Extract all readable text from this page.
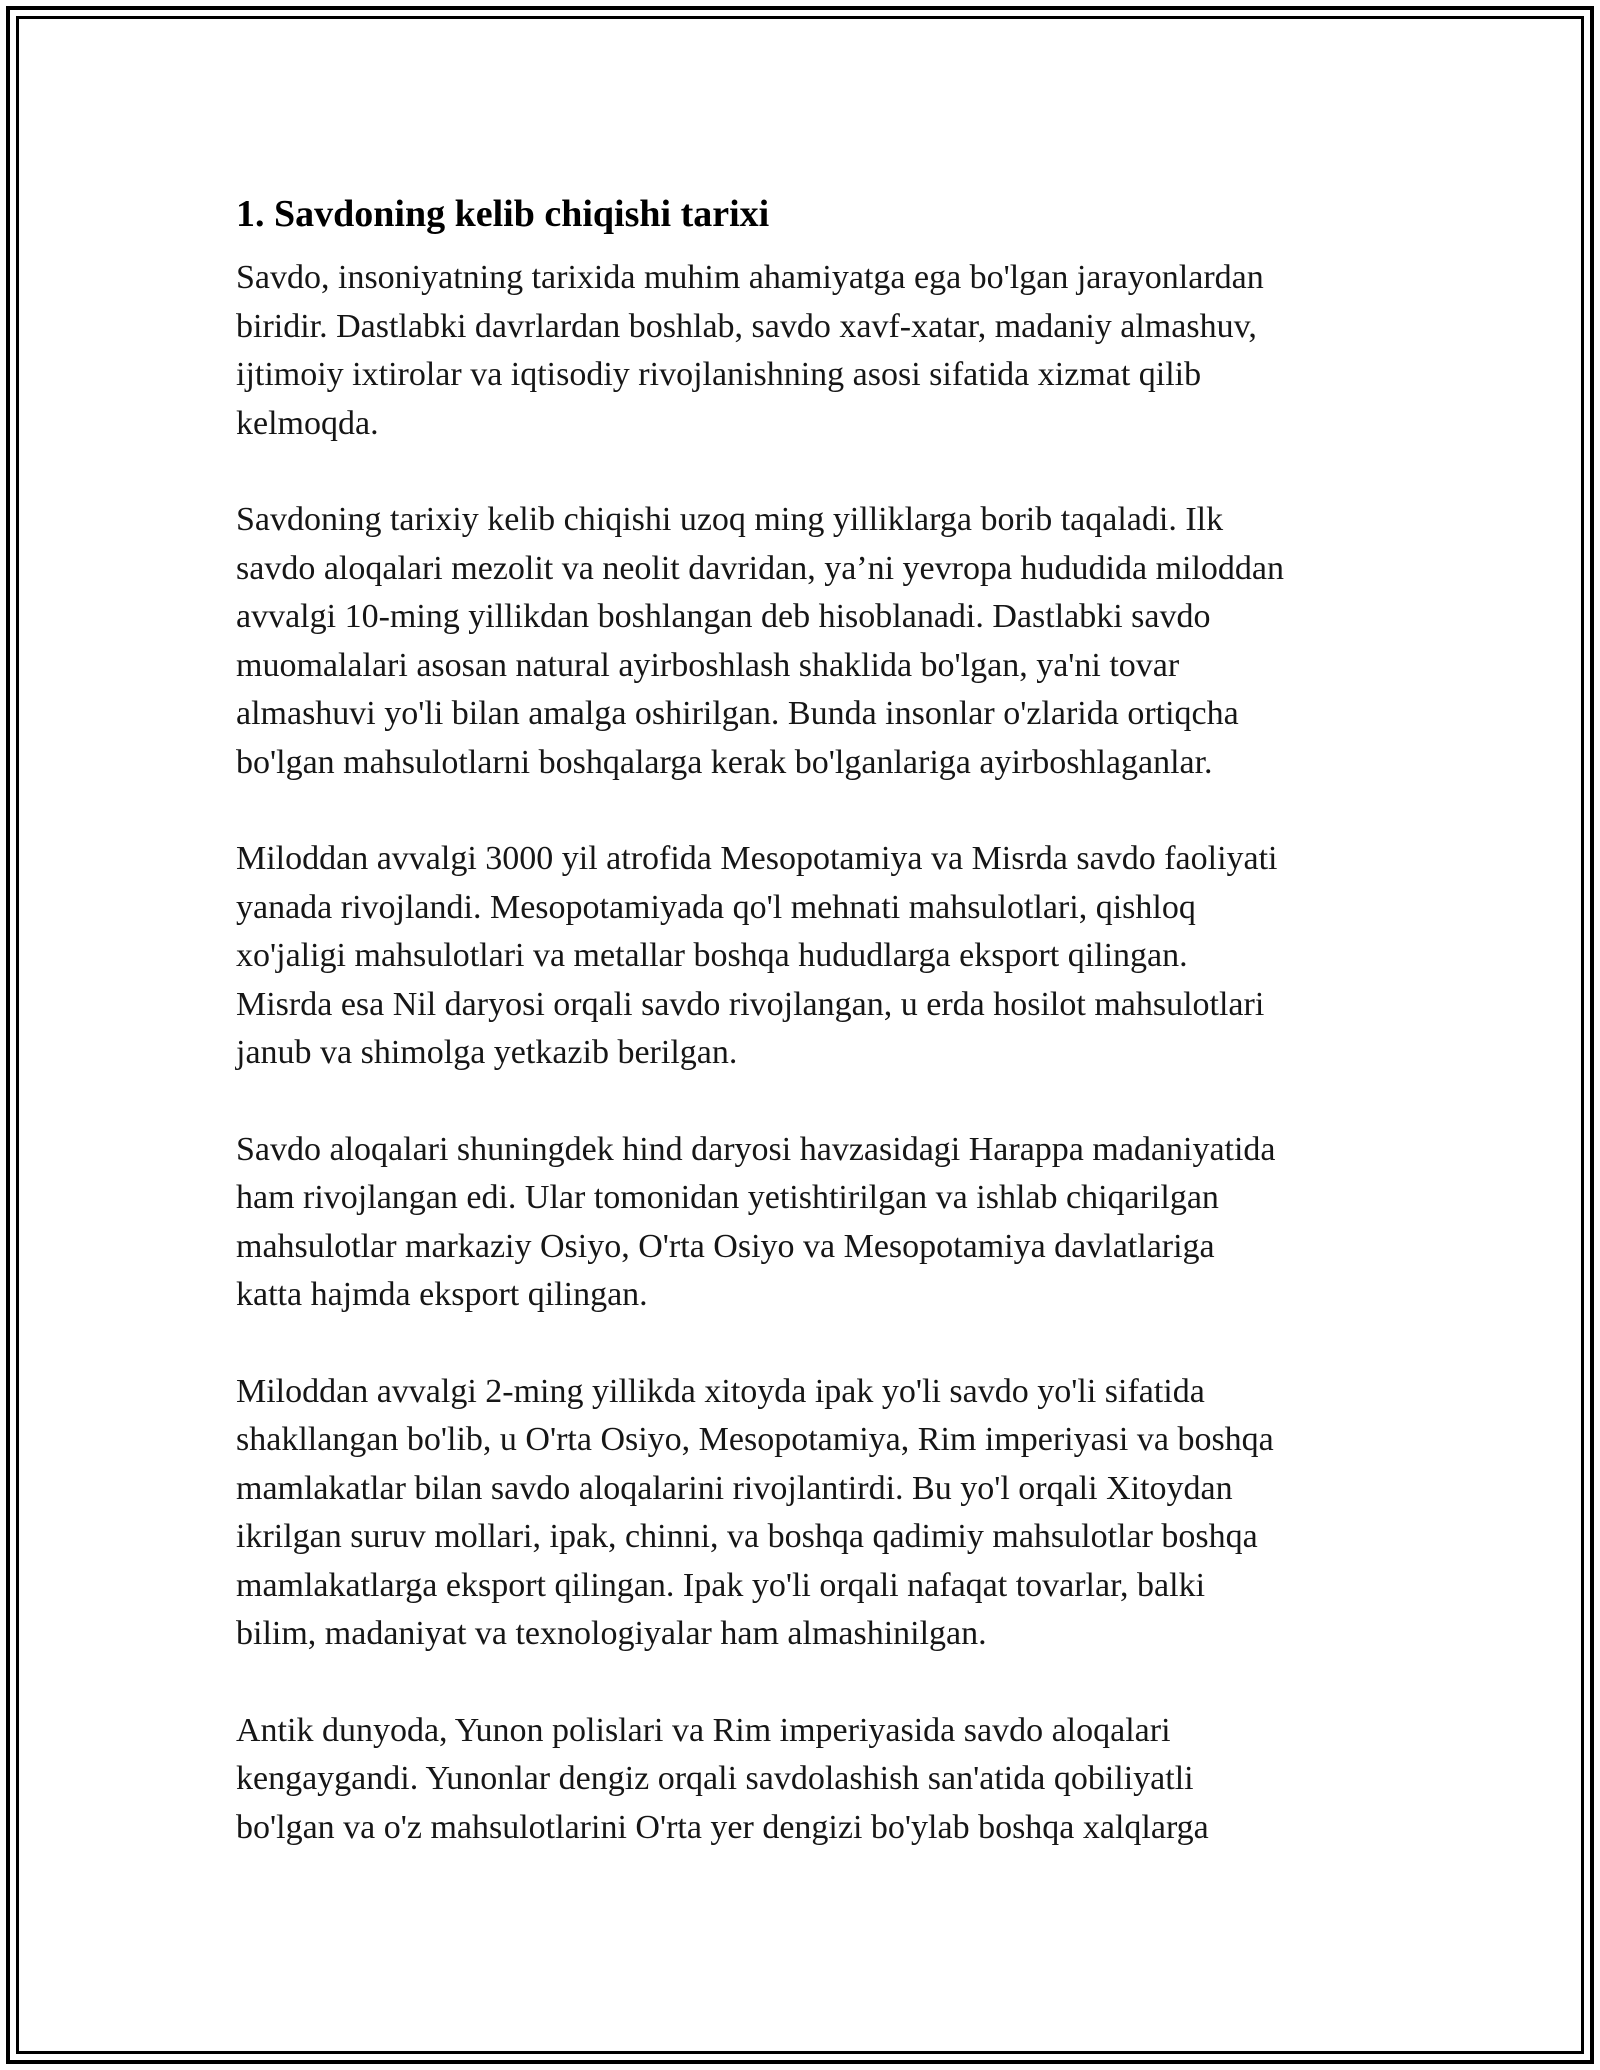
1. Savdoning kelib chiqishi tarixi

Savdo, insoniyatning tarixida muhim ahamiyatga ega bo'lgan jarayonlardan
biridir. Dastlabki davrlardan boshlab, savdo xavf-xatar, madaniy almashuv,
ijtimoiy ixtirolar va iqtisodiy rivojlanishning asosi sifatida xizmat qilib
kelmoqda.

Savdoning tarixiy kelib chiqishi uzoq ming yilliklarga borib taqaladi. Ilk
savdo aloqalari mezolit va neolit davridan, ya’ni yevropa hududida miloddan
avvalgi 10-ming yillikdan boshlangan deb hisoblanadi. Dastlabki savdo
muomalalari asosan natural ayirboshlash shaklida bo'lgan, ya'ni tovar
almashuvi yo'li bilan amalga oshirilgan. Bunda insonlar o'zlarida ortiqcha
bo'lgan mahsulotlarni boshqalarga kerak bo'lganlariga ayirboshlaganlar.

Miloddan avvalgi 3000 yil atrofida Mesopotamiya va Misrda savdo faoliyati
yanada rivojlandi. Mesopotamiyada qo'l mehnati mahsulotlari, qishloq
xo'jaligi mahsulotlari va metallar boshqa hududlarga eksport qilingan.
Misrda esa Nil daryosi orqali savdo rivojlangan, u erda hosilot mahsulotlari
janub va shimolga yetkazib berilgan.

Savdo aloqalari shuningdek hind daryosi havzasidagi Harappa madaniyatida
ham rivojlangan edi. Ular tomonidan yetishtirilgan va ishlab chiqarilgan
mahsulotlar markaziy Osiyo, O'rta Osiyo va Mesopotamiya davlatlariga
katta hajmda eksport qilingan.

Miloddan avvalgi 2-ming yillikda xitoyda ipak yo'li savdo yo'li sifatida
shakllangan bo'lib, u O'rta Osiyo, Mesopotamiya, Rim imperiyasi va boshqa
mamlakatlar bilan savdo aloqalarini rivojlantirdi. Bu yo'l orqali Xitoydan
ikrilgan suruv mollari, ipak, chinni, va boshqa qadimiy mahsulotlar boshqa
mamlakatlarga eksport qilingan. Ipak yo'li orqali nafaqat tovarlar, balki
bilim, madaniyat va texnologiyalar ham almashinilgan.

Antik dunyoda, Yunon polislari va Rim imperiyasida savdo aloqalari
kengaygandi. Yunonlar dengiz orqali savdolashish san'atida qobiliyatli
bo'lgan va o'z mahsulotlarini O'rta yer dengizi bo'ylab boshqa xalqlarga
